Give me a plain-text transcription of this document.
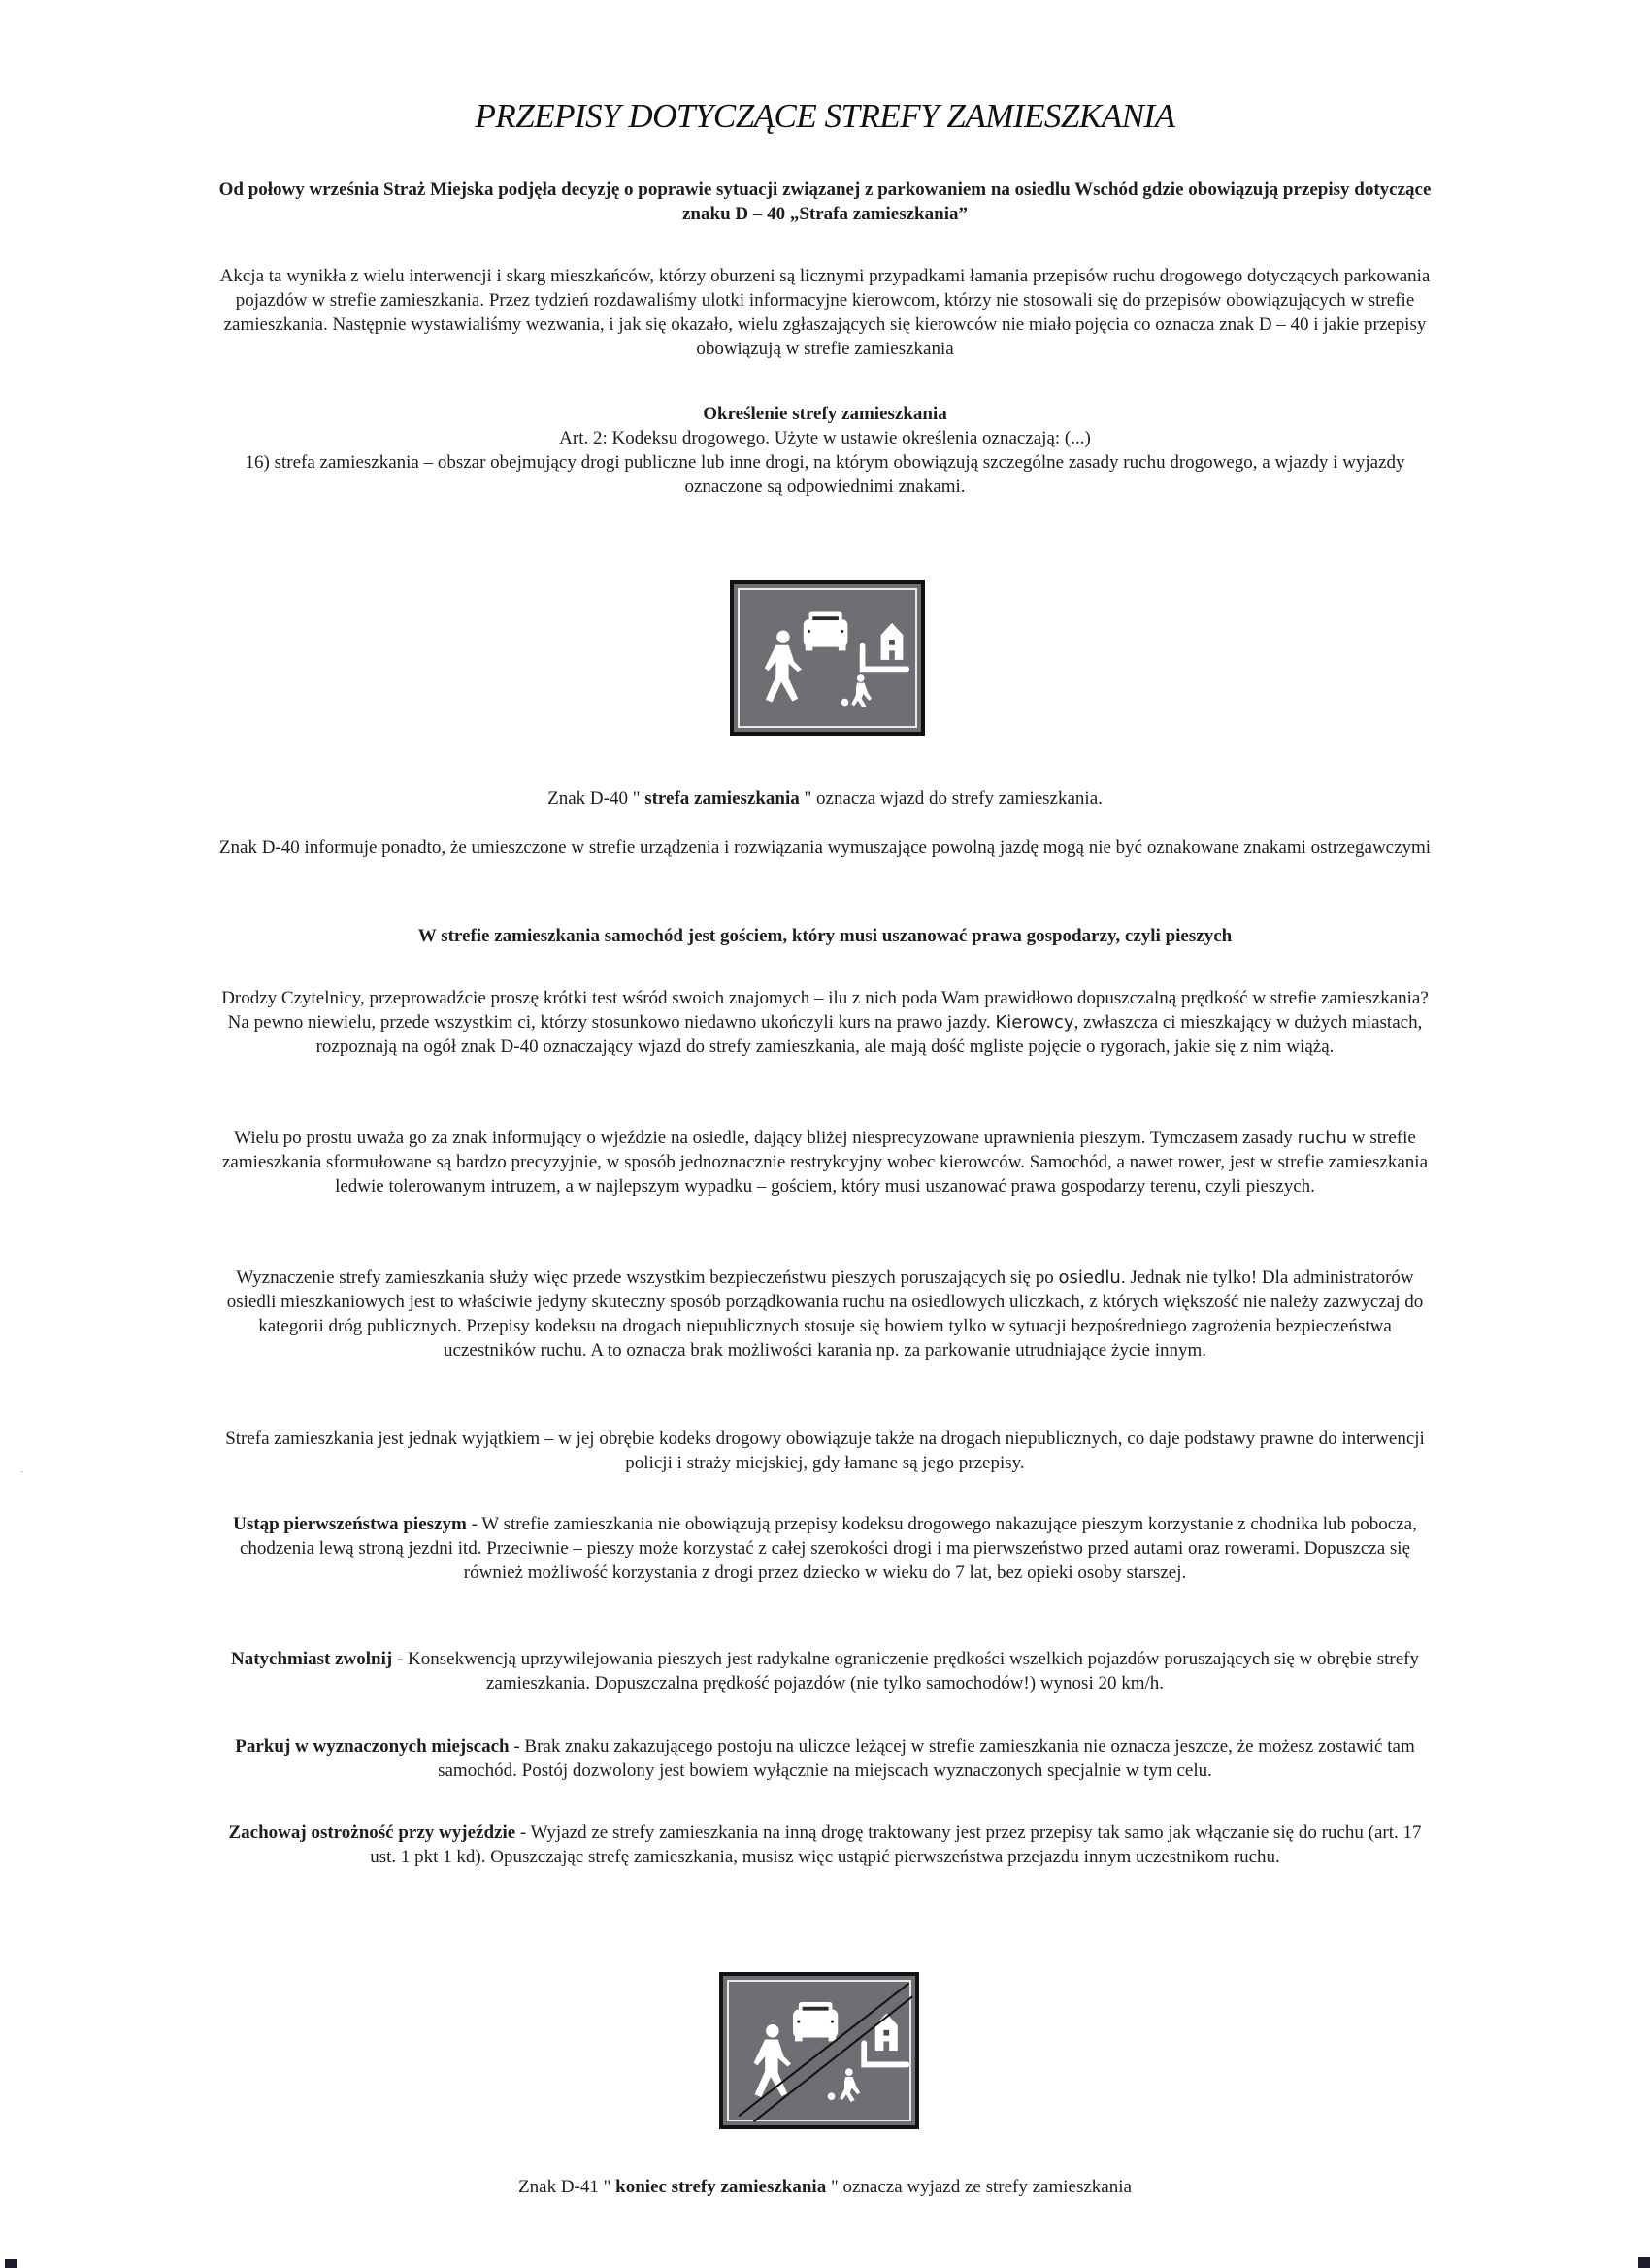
PRZEPISY DOTYCZĄCE STREFY ZAMIESZKANIA
Od połowy września Straż Miejska podjęła decyzję o poprawie sytuacji związanej z parkowaniem na osiedlu Wschód gdzie obowiązują przepisy dotyczące znaku D – 40 „Strafa zamieszkania”
Akcja ta wynikła z wielu interwencji i skarg mieszkańców, którzy oburzeni są licznymi przypadkami łamania przepisów ruchu drogowego dotyczących parkowania pojazdów w strefie zamieszkania. Przez tydzień rozdawaliśmy ulotki informacyjne kierowcom, którzy nie stosowali się do przepisów obowiązujących w strefie zamieszkania. Następnie wystawialiśmy wezwania, i jak się okazało, wielu zgłaszających się kierowców nie miało pojęcia co oznacza znak D – 40 i jakie przepisy obowiązują w strefie zamieszkania
Określenie strefy zamieszkania
Art. 2: Kodeksu drogowego. Użyte w ustawie określenia oznaczają: (...)
16) strefa zamieszkania – obszar obejmujący drogi publiczne lub inne drogi, na którym obowiązują szczególne zasady ruchu drogowego, a wjazdy i wyjazdy oznaczone są odpowiednimi znakami.
Znak D-40 " strefa zamieszkania " oznacza wjazd do strefy zamieszkania.
Znak D-40 informuje ponadto, że umieszczone w strefie urządzenia i rozwiązania wymuszające powolną jazdę mogą nie być oznakowane znakami ostrzegawczymi
W strefie zamieszkania samochód jest gościem, który musi uszanować prawa gospodarzy, czyli pieszych
Drodzy Czytelnicy, przeprowadźcie proszę krótki test wśród swoich znajomych – ilu z nich poda Wam prawidłowo dopuszczalną prędkość w strefie zamieszkania? Na pewno niewielu, przede wszystkim ci, którzy stosunkowo niedawno ukończyli kurs na prawo jazdy. Kierowcy, zwłaszcza ci mieszkający w dużych miastach, rozpoznają na ogół znak D-40 oznaczający wjazd do strefy zamieszkania, ale mają dość mgliste pojęcie o rygorach, jakie się z nim wiążą.
Wielu po prostu uważa go za znak informujący o wjeździe na osiedle, dający bliżej niesprecyzowane uprawnienia pieszym. Tymczasem zasady ruchu w strefie zamieszkania sformułowane są bardzo precyzyjnie, w sposób jednoznacznie restrykcyjny wobec kierowców. Samochód, a nawet rower, jest w strefie zamieszkania ledwie tolerowanym intruzem, a w najlepszym wypadku – gościem, który musi uszanować prawa gospodarzy terenu, czyli pieszych.
Wyznaczenie strefy zamieszkania służy więc przede wszystkim bezpieczeństwu pieszych poruszających się po osiedlu. Jednak nie tylko! Dla administratorów osiedli mieszkaniowych jest to właściwie jedyny skuteczny sposób porządkowania ruchu na osiedlowych uliczkach, z których większość nie należy zazwyczaj do kategorii dróg publicznych. Przepisy kodeksu na drogach niepublicznych stosuje się bowiem tylko w sytuacji bezpośredniego zagrożenia bezpieczeństwa uczestników ruchu. A to oznacza brak możliwości karania np. za parkowanie utrudniające życie innym.
Strefa zamieszkania jest jednak wyjątkiem – w jej obrębie kodeks drogowy obowiązuje także na drogach niepublicznych, co daje podstawy prawne do interwencji policji i straży miejskiej, gdy łamane są jego przepisy.
Ustąp pierwszeństwa pieszym - W strefie zamieszkania nie obowiązują przepisy kodeksu drogowego nakazujące pieszym korzystanie z chodnika lub pobocza, chodzenia lewą stroną jezdni itd. Przeciwnie – pieszy może korzystać z całej szerokości drogi i ma pierwszeństwo przed autami oraz rowerami. Dopuszcza się również możliwość korzystania z drogi przez dziecko w wieku do 7 lat, bez opieki osoby starszej.
Natychmiast zwolnij - Konsekwencją uprzywilejowania pieszych jest radykalne ograniczenie prędkości wszelkich pojazdów poruszających się w obrębie strefy zamieszkania. Dopuszczalna prędkość pojazdów (nie tylko samochodów!) wynosi 20 km/h.
Parkuj w wyznaczonych miejscach - Brak znaku zakazującego postoju na uliczce leżącej w strefie zamieszkania nie oznacza jeszcze, że możesz zostawić tam samochód. Postój dozwolony jest bowiem wyłącznie na miejscach wyznaczonych specjalnie w tym celu.
Zachowaj ostrożność przy wyjeździe - Wyjazd ze strefy zamieszkania na inną drogę traktowany jest przez przepisy tak samo jak włączanie się do ruchu (art. 17 ust. 1 pkt 1 kd). Opuszczając strefę zamieszkania, musisz więc ustąpić pierwszeństwa przejazdu innym uczestnikom ruchu.
Znak D-41 " koniec strefy zamieszkania " oznacza wyjazd ze strefy zamieszkania
